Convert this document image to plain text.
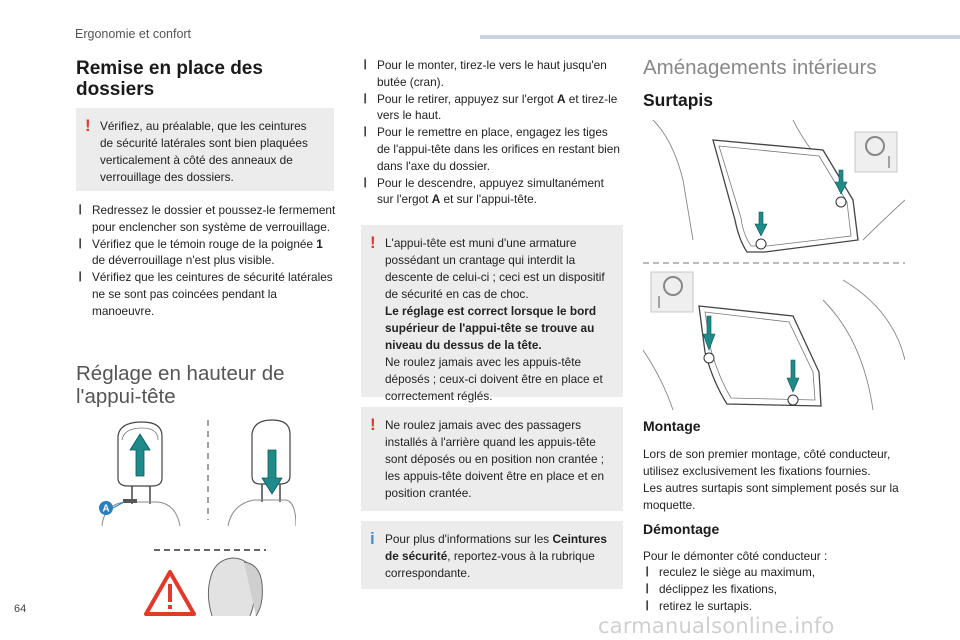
Ergonomie et confort
Remise en place des dossiers
! Vérifiez, au préalable, que les ceintures de sécurité latérales sont bien plaquées verticalement à côté des anneaux de verrouillage des dossiers.
❙ Redressez le dossier et poussez-le fermement pour enclencher son système de verrouillage.
❙ Vérifiez que le témoin rouge de la poignée 1 de déverrouillage n'est plus visible.
❙ Vérifiez que les ceintures de sécurité latérales ne se sont pas coincées pendant la manoeuvre.
Réglage en hauteur de l'appui-tête
A
❙ Pour le monter, tirez-le vers le haut jusqu'en butée (cran).
❙ Pour le retirer, appuyez sur l'ergot A et tirez-le vers le haut.
❙ Pour le remettre en place, engagez les tiges de l'appui-tête dans les orifices en restant bien dans l'axe du dossier.
❙ Pour le descendre, appuyez simultanément sur l'ergot A et sur l'appui-tête.
! L'appui-tête est muni d'une armature possédant un crantage qui interdit la descente de celui-ci ; ceci est un dispositif de sécurité en cas de choc.
Le réglage est correct lorsque le bord supérieur de l'appui-tête se trouve au niveau du dessus de la tête.
Ne roulez jamais avec les appuis-tête déposés ; ceux-ci doivent être en place et correctement réglés.
! Ne roulez jamais avec des passagers installés à l'arrière quand les appuis-tête sont déposés ou en position non crantée ; les appuis-tête doivent être en place et en position crantée.
i Pour plus d'informations sur les Ceintures de sécurité, reportez-vous à la rubrique correspondante.
Aménagements intérieurs
Surtapis
Montage
Lors de son premier montage, côté conducteur, utilisez exclusivement les fixations fournies.
Les autres surtapis sont simplement posés sur la moquette.
Démontage
Pour le démonter côté conducteur :
❙ reculez le siège au maximum,
❙ déclippez les fixations,
❙ retirez le surtapis.
64
carmanualsonline.info
